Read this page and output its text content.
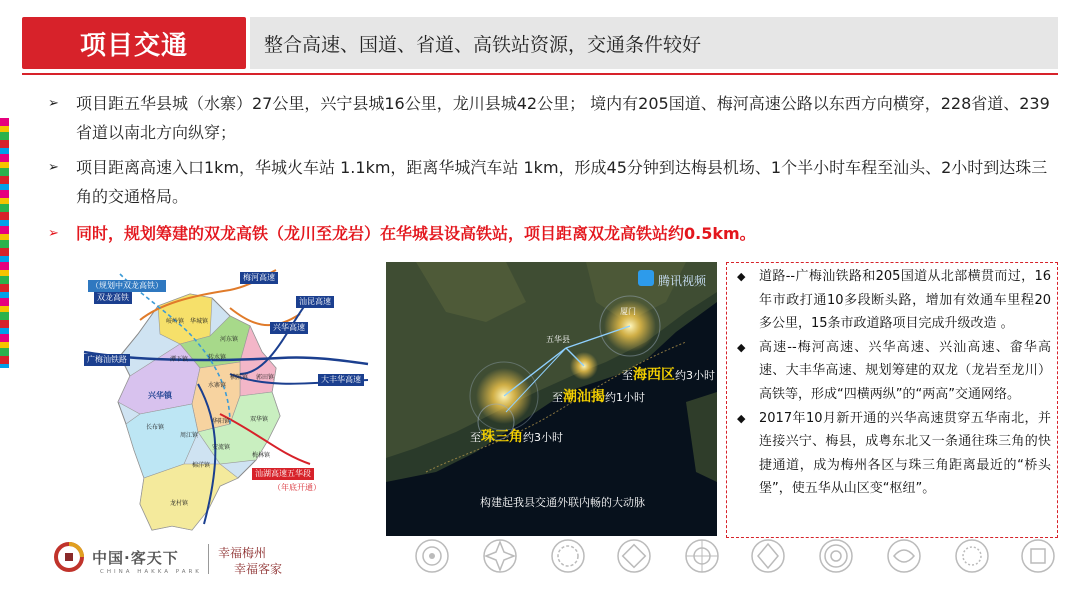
项目交通	整合高速、国道、省道、高铁站资源，交通条件较好
➢	项目距五华县城（水寨）27公里，兴宁县城16公里，龙川县城42公里； 境内有205国道、梅河高速公路以东西方向横穿，228省道、239省道以南北方向纵穿；
➢	项目距离高速入口1km，华城火车站 1.1km，距离华城汽车站 1km，形成45分钟到达梅县机场、1个半小时车程至汕头、2小时到达珠三角的交通格局。
➢	同时，规划筹建的双龙高铁（龙川至龙岩）在华城县设高铁站，项目距离双龙高铁站约0.5km。
（规划中双龙高铁）
双龙高铁
梅河高速
汕昆高速
兴华高速
广梅汕铁路
大丰华高速
汕湖高速五华段
（年底开通）
兴华镇
岐岭镇 华城镇
转水镇
河东镇
郭田镇
水寨镇
潭下镇
横陂镇
长布镇
周江镇
华阳镇
安流镇
双华镇
棉洋镇
梅林镇
龙村镇
腾讯视频
五华县
厦门
至海西区约3小时
至潮汕揭约1小时
至珠三角约3小时
构建起我县交通外联内畅的大动脉
◆	道路--广梅汕铁路和205国道从北部横贯而过，16年市政打通10多段断头路，增加有效通车里程20多公里，15条市政道路项目完成升级改造 。
◆	高速--梅河高速、兴华高速、兴汕高速、畲华高速、大丰华高速、规划筹建的双龙（龙岩至龙川）高铁等，形成“四横两纵”的“两高”交通网络。
◆	2017年10月新开通的兴华高速贯穿五华南北，并连接兴宁、梅县，成粤东北又一条通往珠三角的快捷通道，成为梅州各区与珠三角距离最近的“桥头堡”，使五华从山区变“枢纽”。
中国·客天下
CHINA HAKKA PARK
幸福梅州
幸福客家
